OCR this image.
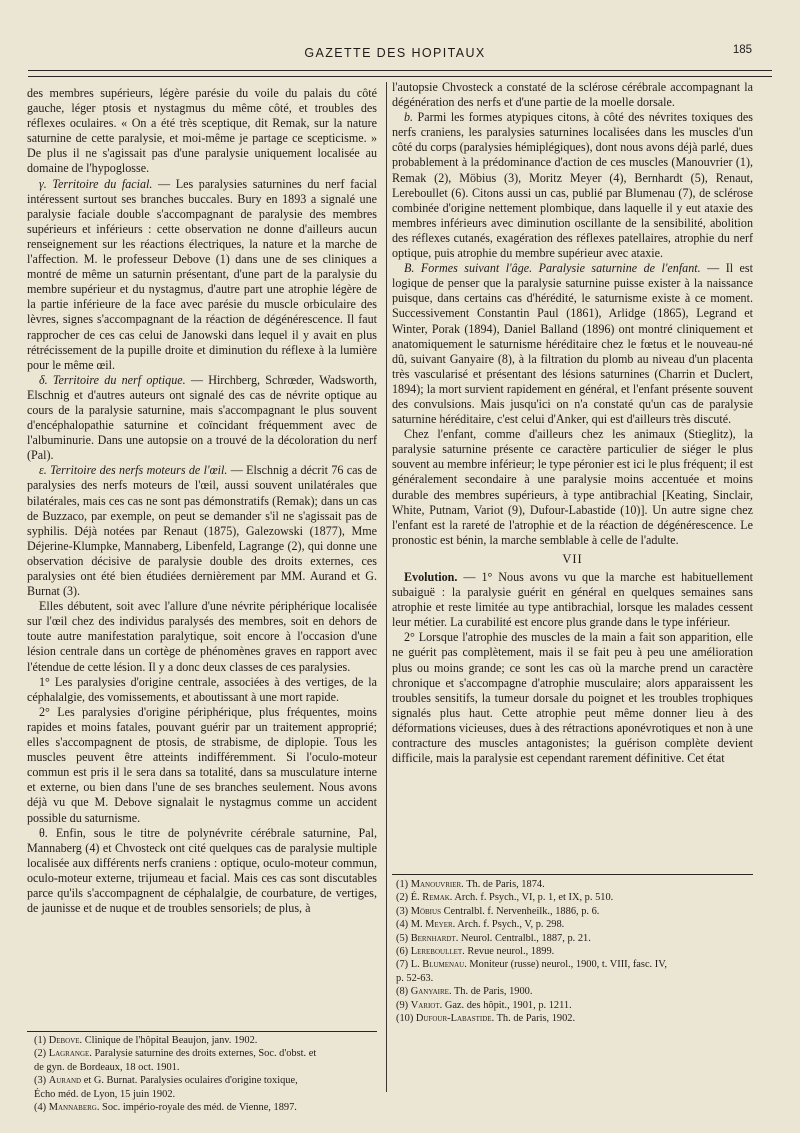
GAZETTE DES HOPITAUX	185

des membres supérieurs, légère parésie du voile du palais du côté gauche, léger ptosis et nystagmus du même côté, et troubles des réflexes oculaires. « On a été très sceptique, dit Remak, sur la nature saturnine de cette paralysie, et moi-même je partage ce scepticisme. » De plus il ne s'agissait pas d'une paralysie uniquement localisée au domaine de l'hypoglosse.

γ. Territoire du facial. — Les paralysies saturnines du nerf facial intéressent surtout ses branches buccales. Bury en 1893 a signalé une paralysie faciale double s'accompagnant de paralysie des membres supérieurs et inférieurs : cette observation ne donne d'ailleurs aucun renseignement sur les réactions électriques, la nature et la marche de l'affection. M. le professeur Debove (1) dans une de ses cliniques a montré de même un saturnin présentant, d'une part de la paralysie du membre supérieur et du nystagmus, d'autre part une atrophie légère de la partie inférieure de la face avec parésie du muscle orbiculaire des lèvres, signes s'accompagnant de la réaction de dégénérescence. Il faut rapprocher de ces cas celui de Janowski dans lequel il y avait en plus rétrécissement de la pupille droite et diminution du réflexe à la lumière pour le même œil.

δ. Territoire du nerf optique. — Hirchberg, Schrœder, Wadsworth, Elschnig et d'autres auteurs ont signalé des cas de névrite optique au cours de la paralysie saturnine, mais s'accompagnant le plus souvent d'encéphalopathie saturnine et coïncidant fréquemment avec de l'albuminurie. Dans une autopsie on a trouvé de la décoloration du nerf (Pal).

ε. Territoire des nerfs moteurs de l'œil. — Elschnig a décrit 76 cas de paralysies des nerfs moteurs de l'œil, aussi souvent unilatérales que bilatérales, mais ces cas ne sont pas démonstratifs (Remak); dans un cas de Buzzaco, par exemple, on peut se demander s'il ne s'agissait pas de syphilis. Déjà notées par Renaut (1875), Galezowski (1877), Mme Déjerine-Klumpke, Mannaberg, Libenfeld, Lagrange (2), qui donne une observation décisive de paralysie double des droits externes, ces paralysies ont été bien étudiées dernièrement par MM. Aurand et G. Burnat (3).

Elles débutent, soit avec l'allure d'une névrite périphérique localisée sur l'œil chez des individus paralysés des membres, soit en dehors de toute autre manifestation paralytique, soit encore à l'occasion d'une lésion centrale dans un cortège de phénomènes graves en rapport avec l'étendue de cette lésion. Il y a donc deux classes de ces paralysies.

1° Les paralysies d'origine centrale, associées à des vertiges, de la céphalalgie, des vomissements, et aboutissant à une mort rapide.

2° Les paralysies d'origine périphérique, plus fréquentes, moins rapides et moins fatales, pouvant guérir par un traitement approprié; elles s'accompagnent de ptosis, de strabisme, de diplopie. Tous les muscles peuvent être atteints indifféremment. Si l'oculo-moteur commun est pris il le sera dans sa totalité, dans sa musculature interne et externe, ou bien dans l'une de ses branches seulement. Nous avons déjà vu que M. Debove signalait le nystagmus comme un accident possible du saturnisme.

θ. Enfin, sous le titre de polynévrite cérébrale saturnine, Pal, Mannaberg (4) et Chvosteck ont cité quelques cas de paralysie multiple localisée aux différents nerfs craniens : optique, oculo-moteur commun, oculo-moteur externe, trijumeau et facial. Mais ces cas sont discutables parce qu'ils s'accompagnent de céphalalgie, de courbature, de vertiges, de jaunisse et de nuque et de troubles sensoriels; de plus, à

l'autopsie Chvosteck a constaté de la sclérose cérébrale accompagnant la dégénération des nerfs et d'une partie de la moelle dorsale.

b. Parmi les formes atypiques citons, à côté des névrites toxiques des nerfs craniens, les paralysies saturnines localisées dans les muscles d'un côté du corps (paralysies hémiplégiques), dont nous avons déjà parlé, dues probablement à la prédominance d'action de ces muscles (Manouvrier (1), Remak (2), Möbius (3), Moritz Meyer (4), Bernhardt (5), Renaut, Lereboullet (6). Citons aussi un cas, publié par Blumenau (7), de sclérose combinée d'origine nettement plombique, dans laquelle il y eut ataxie des membres inférieurs avec diminution oscillante de la sensibilité, abolition des réflexes cutanés, exagération des réflexes patellaires, atrophie du nerf optique, puis atrophie du membre supérieur avec ataxie.

B. Formes suivant l'âge. Paralysie saturnine de l'enfant. — Il est logique de penser que la paralysie saturnine puisse exister à la naissance puisque, dans certains cas d'hérédité, le saturnisme existe à ce moment. Successivement Constantin Paul (1861), Arlidge (1865), Legrand et Winter, Porak (1894), Daniel Balland (1896) ont montré cliniquement et anatomiquement le saturnisme héréditaire chez le fœtus et le nouveau-né dû, suivant Ganyaire (8), à la filtration du plomb au niveau d'un placenta très vascularisé et présentant des lésions saturnines (Charrin et Duclert, 1894); la mort survient rapidement en général, et l'enfant présente souvent des convulsions. Mais jusqu'ici on n'a constaté qu'un cas de paralysie saturnine héréditaire, c'est celui d'Anker, qui est d'ailleurs très discuté.

Chez l'enfant, comme d'ailleurs chez les animaux (Stieglitz), la paralysie saturnine présente ce caractère particulier de siéger le plus souvent au membre inférieur; le type péronier est ici le plus fréquent; il est généralement secondaire à une paralysie moins accentuée et moins durable des membres supérieurs, à type antibrachial [Keating, Sinclair, White, Putnam, Variot (9), Dufour-Labastide (10)]. Un autre signe chez l'enfant est la rareté de l'atrophie et de la réaction de dégénérescence. Le pronostic est bénin, la marche semblable à celle de l'adulte.

VII

Evolution. — 1° Nous avons vu que la marche est habituellement subaiguë : la paralysie guérit en général en quelques semaines sans atrophie et reste limitée au type antibrachial, lorsque les malades cessent leur métier. La curabilité est encore plus grande dans le type inférieur.

2° Lorsque l'atrophie des muscles de la main a fait son apparition, elle ne guérit pas complètement, mais il se fait peu à peu une amélioration plus ou moins grande; ce sont les cas où la marche prend un caractère chronique et s'accompagne d'atrophie musculaire; alors apparaissent les troubles sensitifs, la tumeur dorsale du poignet et les troubles trophiques signalés plus haut. Cette atrophie peut même donner lieu à des déformations vicieuses, dues à des rétractions aponévrotiques et non à une contracture des muscles antagonistes; la guérison complète devient difficile, mais la paralysie est cependant rarement définitive. Cet état

(1) Debove. Clinique de l'hôpital Beaujon, janv. 1902.
(2) Lagrange. Paralysie saturnine des droits externes, Soc. d'obst. et
de gyn. de Bordeaux, 18 oct. 1901.
(3) Aurand et G. Burnat. Paralysies oculaires d'origine toxique,
Écho méd. de Lyon, 15 juin 1902.
(4) Mannaberg. Soc. império-royale des méd. de Vienne, 1897.
(1) Manouvrier. Th. de Paris, 1874.
(2) É. Remak. Arch. f. Psych., VI, p. 1, et IX, p. 510.
(3) Möbius Centralbl. f. Nervenheilk., 1886, p. 6.
(4) M. Meyer. Arch. f. Psych., V, p. 298.
(5) Bernhardt. Neurol. Centralbl., 1887, p. 21.
(6) Lereboullet. Revue neurol., 1899.
(7) L. Blumenau. Moniteur (russe) neurol., 1900, t. VIII, fasc. IV,
p. 52-63.
(8) Ganyaire. Th. de Paris, 1900.
(9) Variot. Gaz. des hôpit., 1901, p. 1211.
(10) Dufour-Labastide. Th. de Paris, 1902.
